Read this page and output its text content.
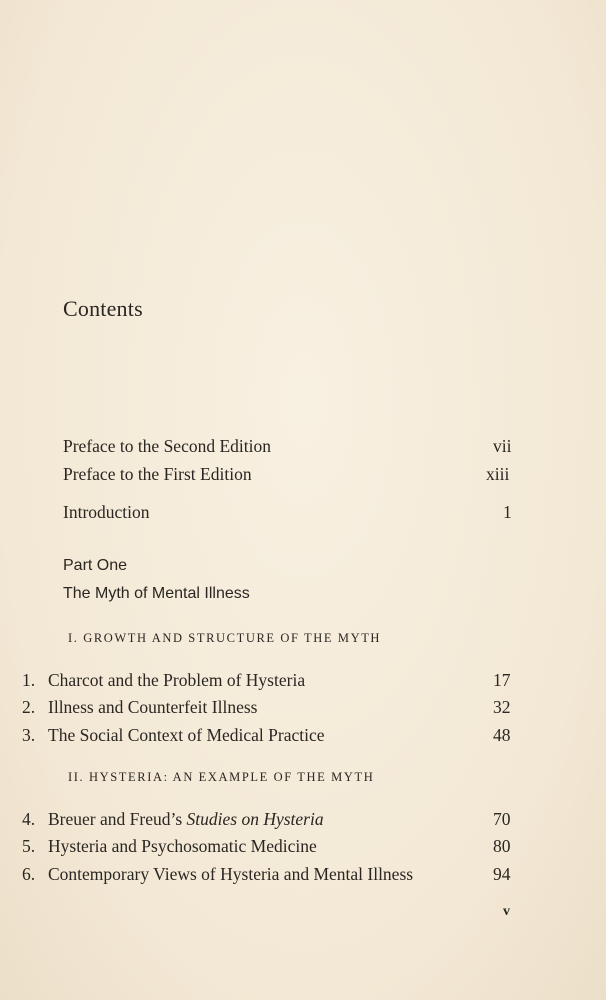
Contents
Preface to the Second Edition	vii
Preface to the First Edition	xiii
Introduction	1
Part One
The Myth of Mental Illness
I. GROWTH AND STRUCTURE OF THE MYTH
1. Charcot and the Problem of Hysteria	17
2. Illness and Counterfeit Illness	32
3. The Social Context of Medical Practice	48
II. HYSTERIA: AN EXAMPLE OF THE MYTH
4. Breuer and Freud’s Studies on Hysteria	70
5. Hysteria and Psychosomatic Medicine	80
6. Contemporary Views of Hysteria and Mental Illness	94
v
